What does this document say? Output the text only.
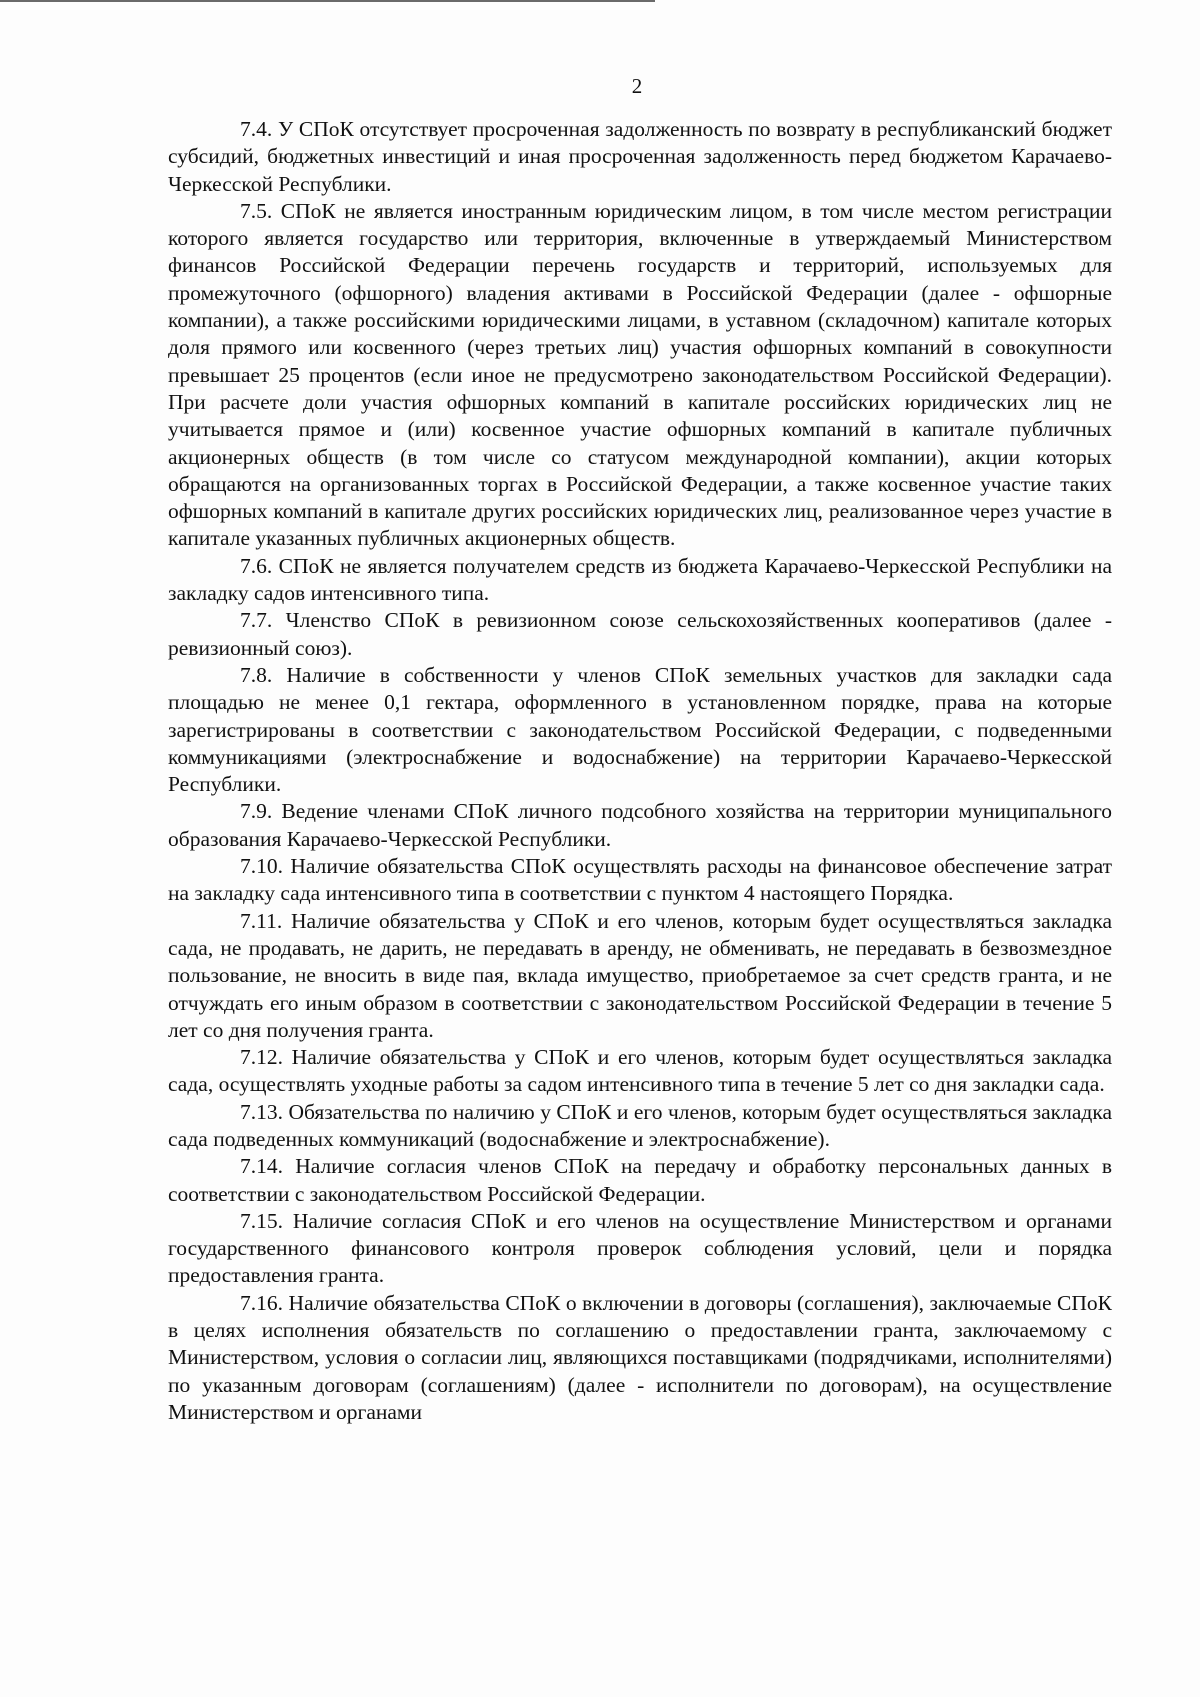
2

7.4. У СПоК отсутствует просроченная задолженность по возврату в республиканский бюджет субсидий, бюджетных инвестиций и иная просроченная задолженность перед бюджетом Карачаево-Черкесской Республики.

7.5. СПоК не является иностранным юридическим лицом, в том числе местом регистрации которого является государство или территория, включенные в утверждаемый Министерством финансов Российской Федерации перечень государств и территорий, используемых для промежуточного (офшорного) владения активами в Российской Федерации (далее - офшорные компании), а также российскими юридическими лицами, в уставном (складочном) капитале которых доля прямого или косвенного (через третьих лиц) участия офшорных компаний в совокупности превышает 25 процентов (если иное не предусмотрено законодательством Российской Федерации). При расчете доли участия офшорных компаний в капитале российских юридических лиц не учитывается прямое и (или) косвенное участие офшорных компаний в капитале публичных акционерных обществ (в том числе со статусом международной компании), акции которых обращаются на организованных торгах в Российской Федерации, а также косвенное участие таких офшорных компаний в капитале других российских юридических лиц, реализованное через участие в капитале указанных публичных акционерных обществ.

7.6. СПоК не является получателем средств из бюджета Карачаево-Черкесской Республики на закладку садов интенсивного типа.

7.7. Членство СПоК в ревизионном союзе сельскохозяйственных кооперативов (далее - ревизионный союз).

7.8. Наличие в собственности у членов СПоК земельных участков для закладки сада площадью не менее 0,1 гектара, оформленного в установленном порядке, права на которые зарегистрированы в соответствии с законодательством Российской Федерации, с подведенными коммуникациями (электроснабжение и водоснабжение) на территории Карачаево-Черкесской Республики.

7.9. Ведение членами СПоК личного подсобного хозяйства на территории муниципального образования Карачаево-Черкесской Республики.

7.10. Наличие обязательства СПоК осуществлять расходы на финансовое обеспечение затрат на закладку сада интенсивного типа в соответствии с пунктом 4 настоящего Порядка.

7.11. Наличие обязательства у СПоК и его членов, которым будет осуществляться закладка сада, не продавать, не дарить, не передавать в аренду, не обменивать, не передавать в безвозмездное пользование, не вносить в виде пая, вклада имущество, приобретаемое за счет средств гранта, и не отчуждать его иным образом в соответствии с законодательством Российской Федерации в течение 5 лет со дня получения гранта.

7.12. Наличие обязательства у СПоК и его членов, которым будет осуществляться закладка сада, осуществлять уходные работы за садом интенсивного типа в течение 5 лет со дня закладки сада.

7.13. Обязательства по наличию у СПоК и его членов, которым будет осуществляться закладка сада подведенных коммуникаций (водоснабжение и электроснабжение).

7.14. Наличие согласия членов СПоК на передачу и обработку персональных данных в соответствии с законодательством Российской Федерации.

7.15. Наличие согласия СПоК и его членов на осуществление Министерством и органами государственного финансового контроля проверок соблюдения условий, цели и порядка предоставления гранта.

7.16. Наличие обязательства СПоК о включении в договоры (соглашения), заключаемые СПоК в целях исполнения обязательств по соглашению о предоставлении гранта, заключаемому с Министерством, условия о согласии лиц, являющихся поставщиками (подрядчиками, исполнителями) по указанным договорам (соглашениям) (далее - исполнители по договорам), на осуществление Министерством и органами
